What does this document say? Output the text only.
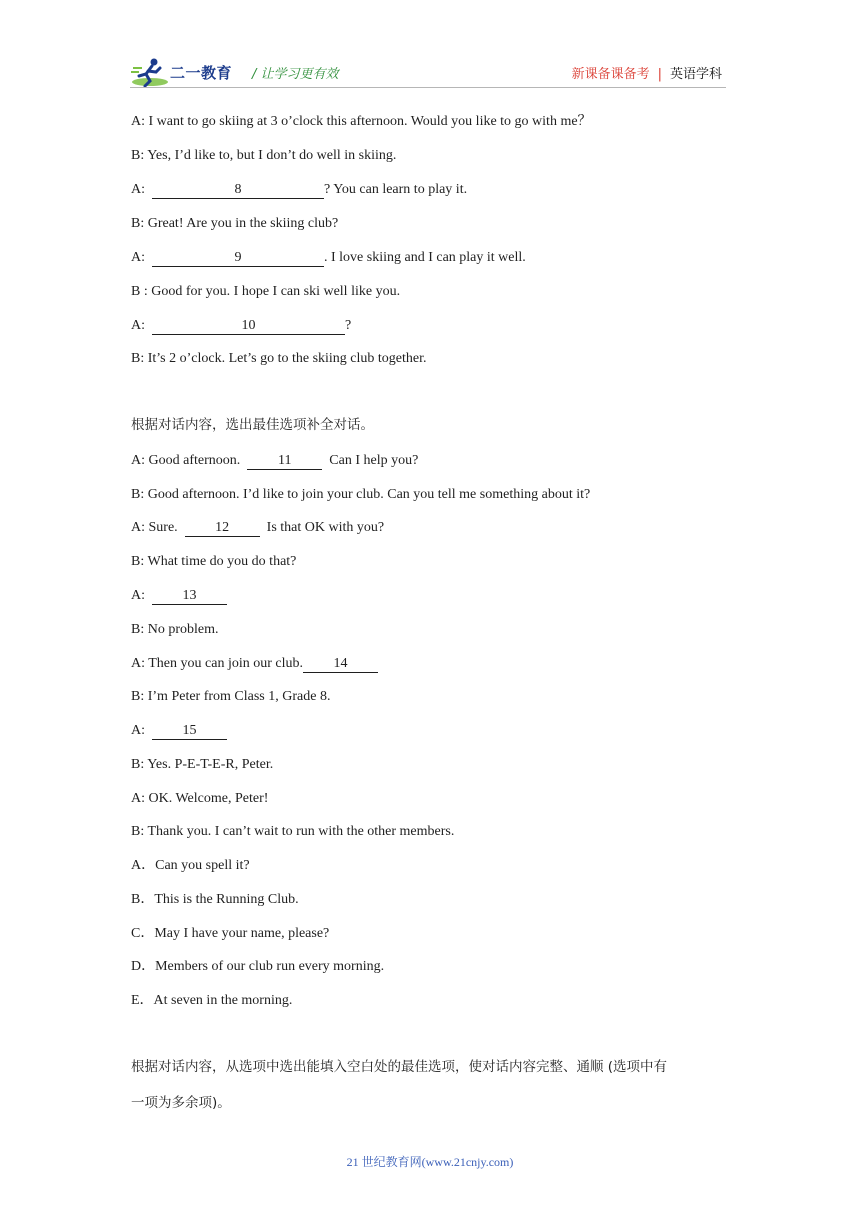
二一教育 / 让学习更有效	新课备课备考 | 英语学科
A: I want to go skiing at 3 o’clock this afternoon. Would you like to go with me？
B: Yes, I’d like to, but I don’t do well in skiing.
A:	8	? You can learn to play it.
B: Great! Are you in the skiing club?
A:	9	. I love skiing and I can play it well.
B : Good for you. I hope I can ski well like you.
A:	10	?
B: It’s 2 o’clock. Let’s go to the skiing club together.
根据对话内容，选出最佳选项补全对话。
A: Good afternoon.  11  Can I help you?
B: Good afternoon. I’d like to join your club. Can you tell me something about it?
A: Sure.  12  Is that OK with you?
B: What time do you do that?
A:  13
B: No problem.
A: Then you can join our club. 14
B: I’m Peter from Class 1, Grade 8.
A:  15
B: Yes. P-E-T-E-R, Peter.
A: OK. Welcome, Peter!
B: Thank you. I can’t wait to run with the other members.
A．Can you spell it?
B．This is the Running Club.
C．May I have your name, please?
D．Members of our club run every morning.
E．At seven in the morning.
根据对话内容，从选项中选出能填入空白处的最佳选项，使对话内容完整、通顺 (选项中有
一项为多余项)。
21 世纪教育网(www.21cnjy.com)
